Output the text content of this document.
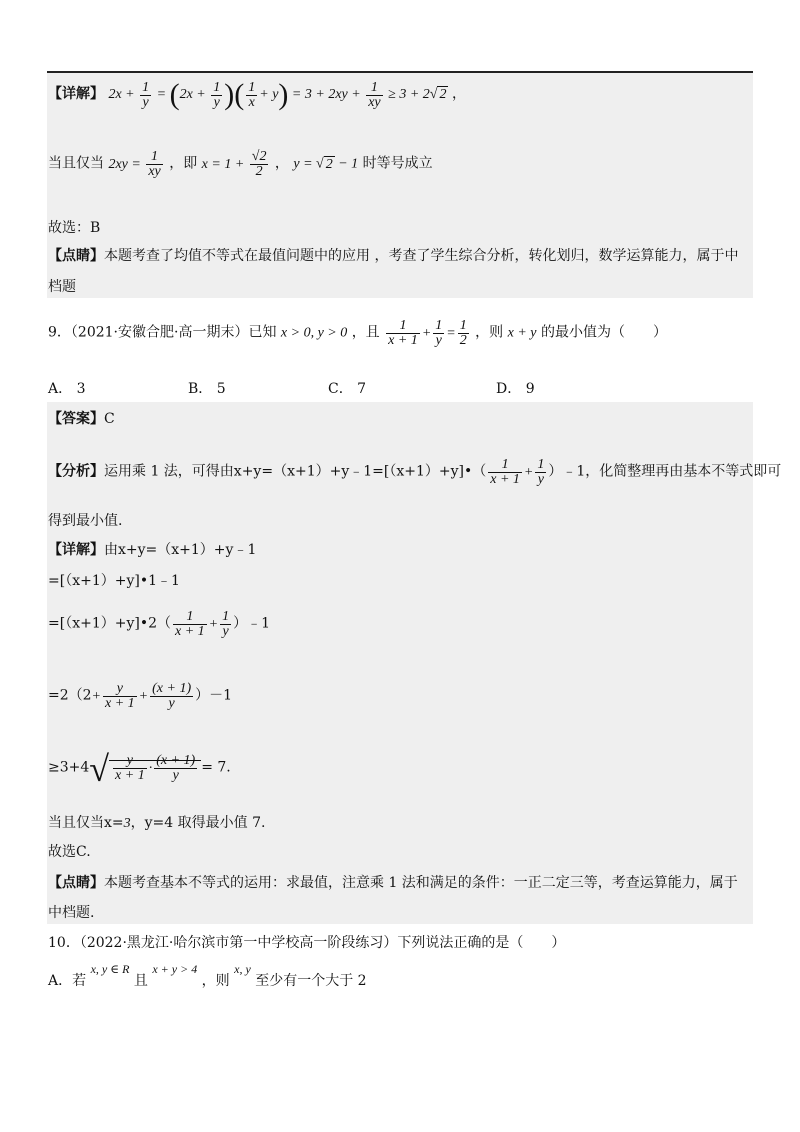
【详解】 $2x + \frac{1}{y} = (2x + \frac{1}{y}$ )( $\frac{1}{x} + y) = 3 + 2xy + \frac{1}{xy} \ge 3 + 2√$ 2 ，
当且仅当 $2xy = \frac{1}{xy}$ ，即 $x = 1 + \frac{√2}{2}$ ， y = √ 2 − 1 时等号成立
故选：B
【点睛】本题考查了均值不等式在最值问题中的应用 ，考查了学生综合分析，转化划归，数学运算能力，属于中
档题
9．（2021·安徽合肥·高一期末）已知 x > 0, y > 0 ，且 $\frac{1}{x + 1} + \frac{1}{y} = \frac{1}{2}$ ，则 x + y 的最小值为（　　）
A． 3	B． 5	C． 7	D． 9
【答案】C
【分析】运用乘 1 法，可得由x+y=（x+1）+y﹣1=[（x+1）+y]•（ $\frac{1}{x + 1} + \frac{1}{y}$ ）﹣1，化简整理再由基本不等式即可
得到最小值.
【详解】由x+y=（x+1）+y﹣1
=[（x+1）+y]•1﹣1
=[（x+1）+y]•2（ $\frac{1}{x + 1} + \frac{1}{y}$ ）﹣1
$=2(2+ \frac{y}{x + 1} + \frac{(x + 1)}{y} )-1$
$\ge 3+4√ \frac{y}{x + 1} \cdot \frac{(x + 1)}{y} = 7$.
当且仅当x=3，y=4 取得最小值 7.
故选C.
【点睛】本题考查基本不等式的运用：求最值，注意乘 1 法和满足的条件：一正二定三等，考查运算能力，属于
中档题.
10．（2022·黑龙江·哈尔滨市第一中学校高一阶段练习）下列说法正确的是（　　）
A．若 x, y ∈ R 且 x + y > 4 ，则 x, y 至少有一个大于 2
